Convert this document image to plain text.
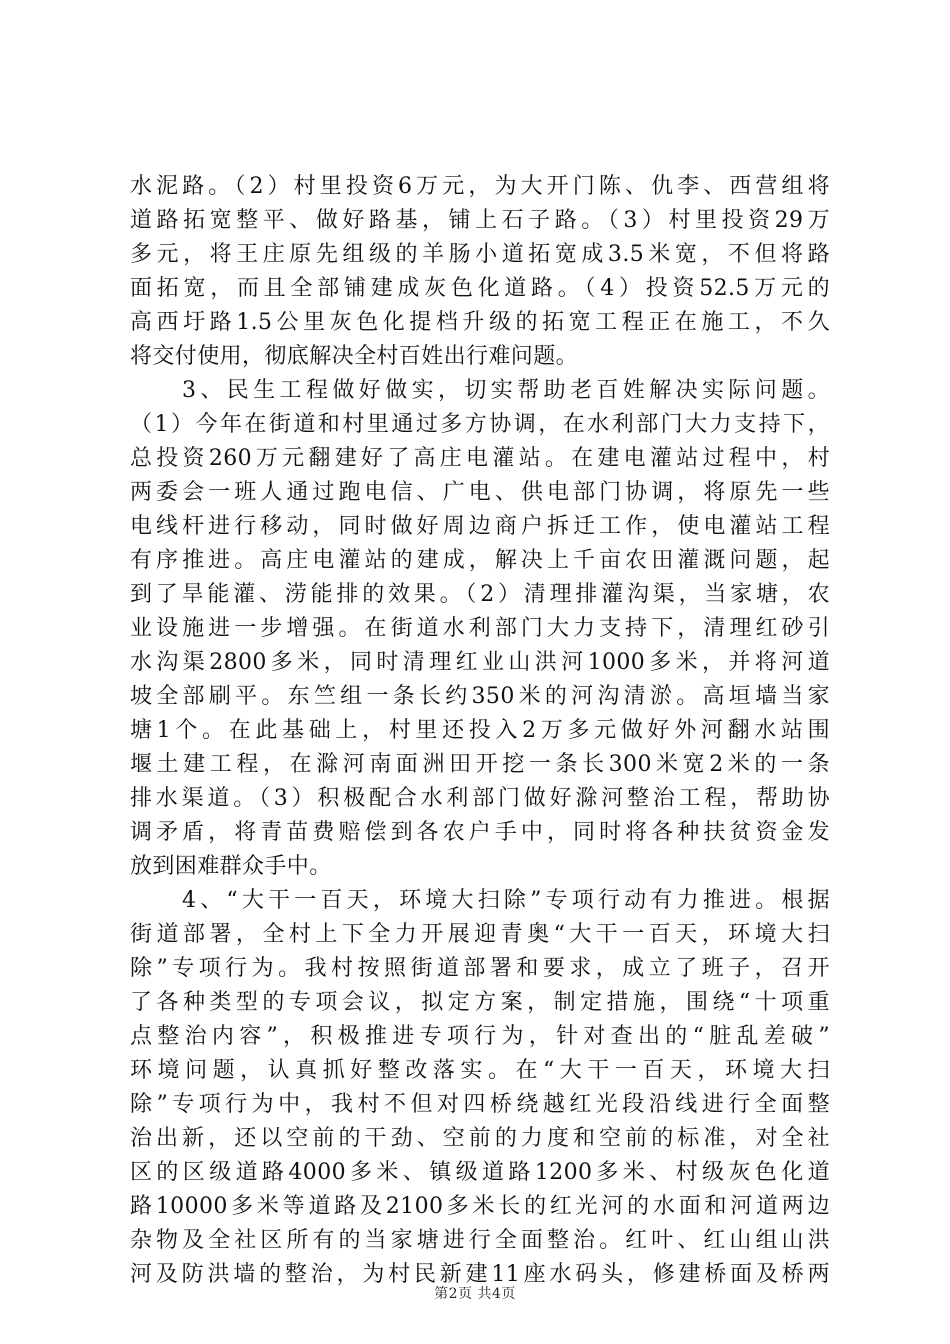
水泥路。（2）村里投资6万元，为大开门陈、仇李、西营组将
道路拓宽整平、做好路基，铺上石子路。（3）村里投资29万
多元，将王庄原先组级的羊肠小道拓宽成3.5米宽，不但将路
面拓宽，而且全部铺建成灰色化道路。（4）投资52.5万元的
高西圩路1.5公里灰色化提档升级的拓宽工程正在施工，不久
将交付使用，彻底解决全村百姓出行难问题。
3、民生工程做好做实，切实帮助老百姓解决实际问题。
（1）今年在街道和村里通过多方协调，在水利部门大力支持下，
总投资260万元翻建好了高庄电灌站。在建电灌站过程中，村
两委会一班人通过跑电信、广电、供电部门协调，将原先一些
电线杆进行移动，同时做好周边商户拆迁工作，使电灌站工程
有序推进。高庄电灌站的建成，解决上千亩农田灌溉问题，起
到了旱能灌、涝能排的效果。（2）清理排灌沟渠，当家塘，农
业设施进一步增强。在街道水利部门大力支持下，清理红砂引
水沟渠2800多米，同时清理红业山洪河1000多米，并将河道
坡全部刷平。东竺组一条长约350米的河沟清淤。高垣墙当家
塘1个。在此基础上，村里还投入2万多元做好外河翻水站围
堰土建工程，在滁河南面洲田开挖一条长300米宽2米的一条
排水渠道。（3）积极配合水利部门做好滁河整治工程，帮助协
调矛盾，将青苗费赔偿到各农户手中，同时将各种扶贫资金发
放到困难群众手中。
4、“大干一百天，环境大扫除”专项行动有力推进。根据
街道部署，全村上下全力开展迎青奥“大干一百天，环境大扫
除”专项行为。我村按照街道部署和要求，成立了班子，召开
了各种类型的专项会议，拟定方案，制定措施，围绕“十项重
点整治内容”，积极推进专项行为，针对查出的“脏乱差破”
环境问题，认真抓好整改落实。在“大干一百天，环境大扫
除”专项行为中，我村不但对四桥绕越红光段沿线进行全面整
治出新，还以空前的干劲、空前的力度和空前的标准，对全社
区的区级道路4000多米、镇级道路1200多米、村级灰色化道
路10000多米等道路及2100多米长的红光河的水面和河道两边
杂物及全社区所有的当家塘进行全面整治。红叶、红山组山洪
河及防洪墙的整治，为村民新建11座水码头，修建桥面及桥两
第2页 共4页
